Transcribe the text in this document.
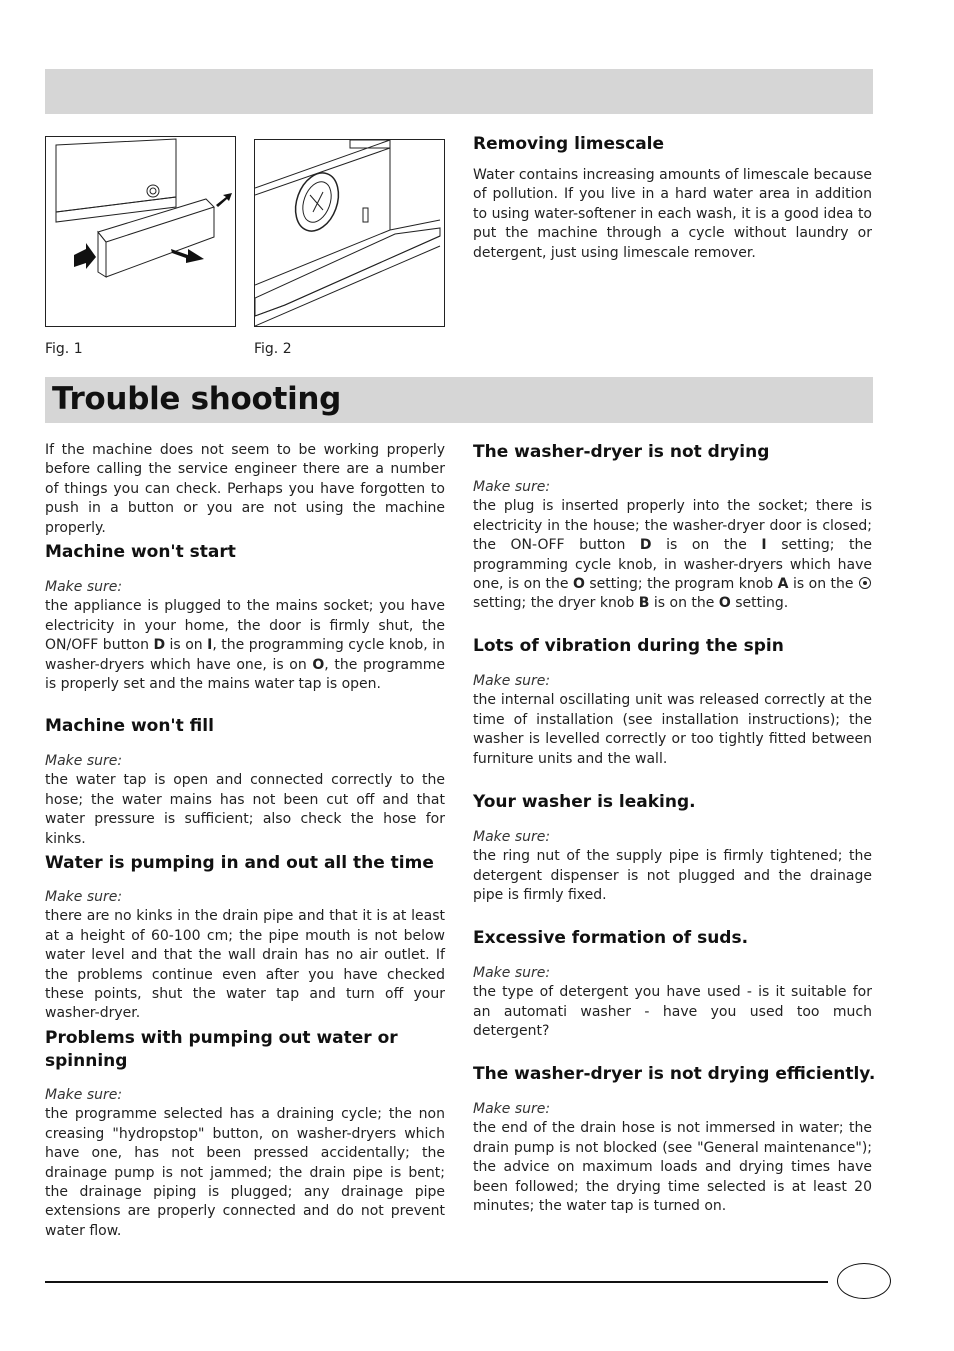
Fig. 1	Fig. 2
Removing limescale

Water contains increasing amounts of limescale because of pollution. If you live in a hard water area in addition to using water-softener in each wash, it is a good idea to put the machine through a cycle without laundry or detergent, just using limescale remover.

Trouble shooting

If the machine does not seem to be working properly before calling the service engineer there are a number of things you can check. Perhaps you have forgotten to push in a button or you are not using the machine properly.

Machine won't start
Make sure:

the appliance is plugged to the mains socket; you have electricity in your home, the door is firmly shut, the ON/OFF button D is on I, the programming cycle knob, in washer-dryers which have one, is on O, the programme is properly set and the mains water tap is open.

Machine won't fill
Make sure:

the water tap is open and connected correctly to the hose; the water mains has not been cut off and that water pressure is sufficient; also check the hose for kinks.

Water is pumping in and out all the time
Make sure:

there are no kinks in the drain pipe and that it is at least at a height of 60-100 cm; the pipe mouth is not below water level and that the wall drain has no air outlet. If the problems continue even after you have checked these points, shut the water tap and turn off your washer-dryer.

Problems with pumping out water or spinning
Make sure:

the programme selected has a draining cycle; the non creasing "hydropstop" button, on washer-dryers which have one, has not been pressed accidentally; the drainage pump is not jammed; the drain pipe is bent; the drainage piping is plugged; any drainage pipe extensions are properly connected and do not prevent water flow.

The washer-dryer is not drying
Make sure:

the plug is inserted properly into the socket; there is electricity in the house; the washer-dryer door is closed; the ON-OFF button D is on the I setting; the programming cycle knob, in washer-dryers which have one, is on the O setting; the program knob A is on the  setting; the dryer knob B is on the O setting.

Lots of vibration during the spin
Make sure:

the internal oscillating unit was released correctly at the time of installation (see installation instructions); the washer is levelled correctly or too tightly fitted between furniture units and the wall.

Your washer is leaking.
Make sure:

the ring nut of the supply pipe is firmly tightened; the detergent dispenser is not plugged and the drainage pipe is firmly fixed.

Excessive formation of suds.
Make sure:

the type of detergent you have used - is it suitable for an automati washer - have you used too much detergent?

The washer-dryer is not drying efficiently.
Make sure:

the end of the drain hose is not immersed in water; the drain pump is not blocked (see "General maintenance"); the advice on maximum loads and drying times have been followed; the drying time selected is at least 20 minutes; the water tap is turned on.
